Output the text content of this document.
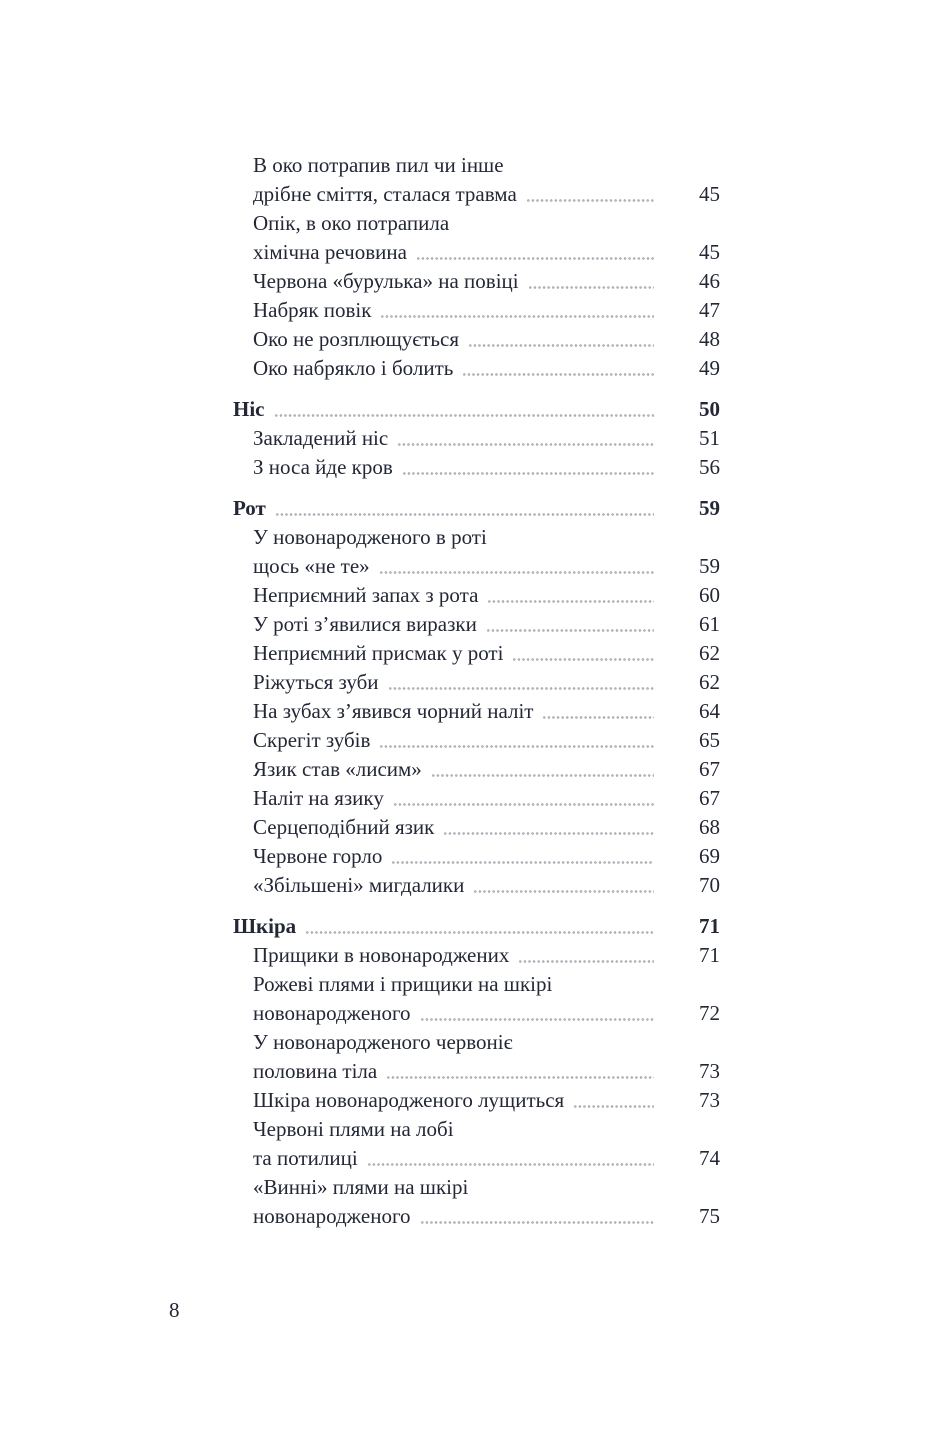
В око потрапив пил чи інше
дрібне сміття, сталася травма	45
Опік, в око потрапила
хімічна речовина	45
Червона «бурулька» на повіці	46
Набряк повік	47
Око не розплющується	48
Око набрякло і болить	49
Ніс	50
Закладений ніс	51
З носа йде кров	56
Рот	59
У новонародженого в роті
щось «не те»	59
Неприємний запах з рота	60
У роті з’явилися виразки	61
Неприємний присмак у роті	62
Ріжуться зуби	62
На зубах з’явився чорний наліт	64
Скрегіт зубів	65
Язик став «лисим»	67
Наліт на язику	67
Серцеподібний язик	68
Червоне горло	69
«Збільшені» мигдалики	70
Шкіра	71
Прищики в новонароджених	71
Рожеві плями і прищики на шкірі
новонародженого	72
У новонародженого червоніє
половина тіла	73
Шкіра новонародженого лущиться	73
Червоні плями на лобі
та потилиці	74
«Винні» плями на шкірі
новонародженого	75
8
